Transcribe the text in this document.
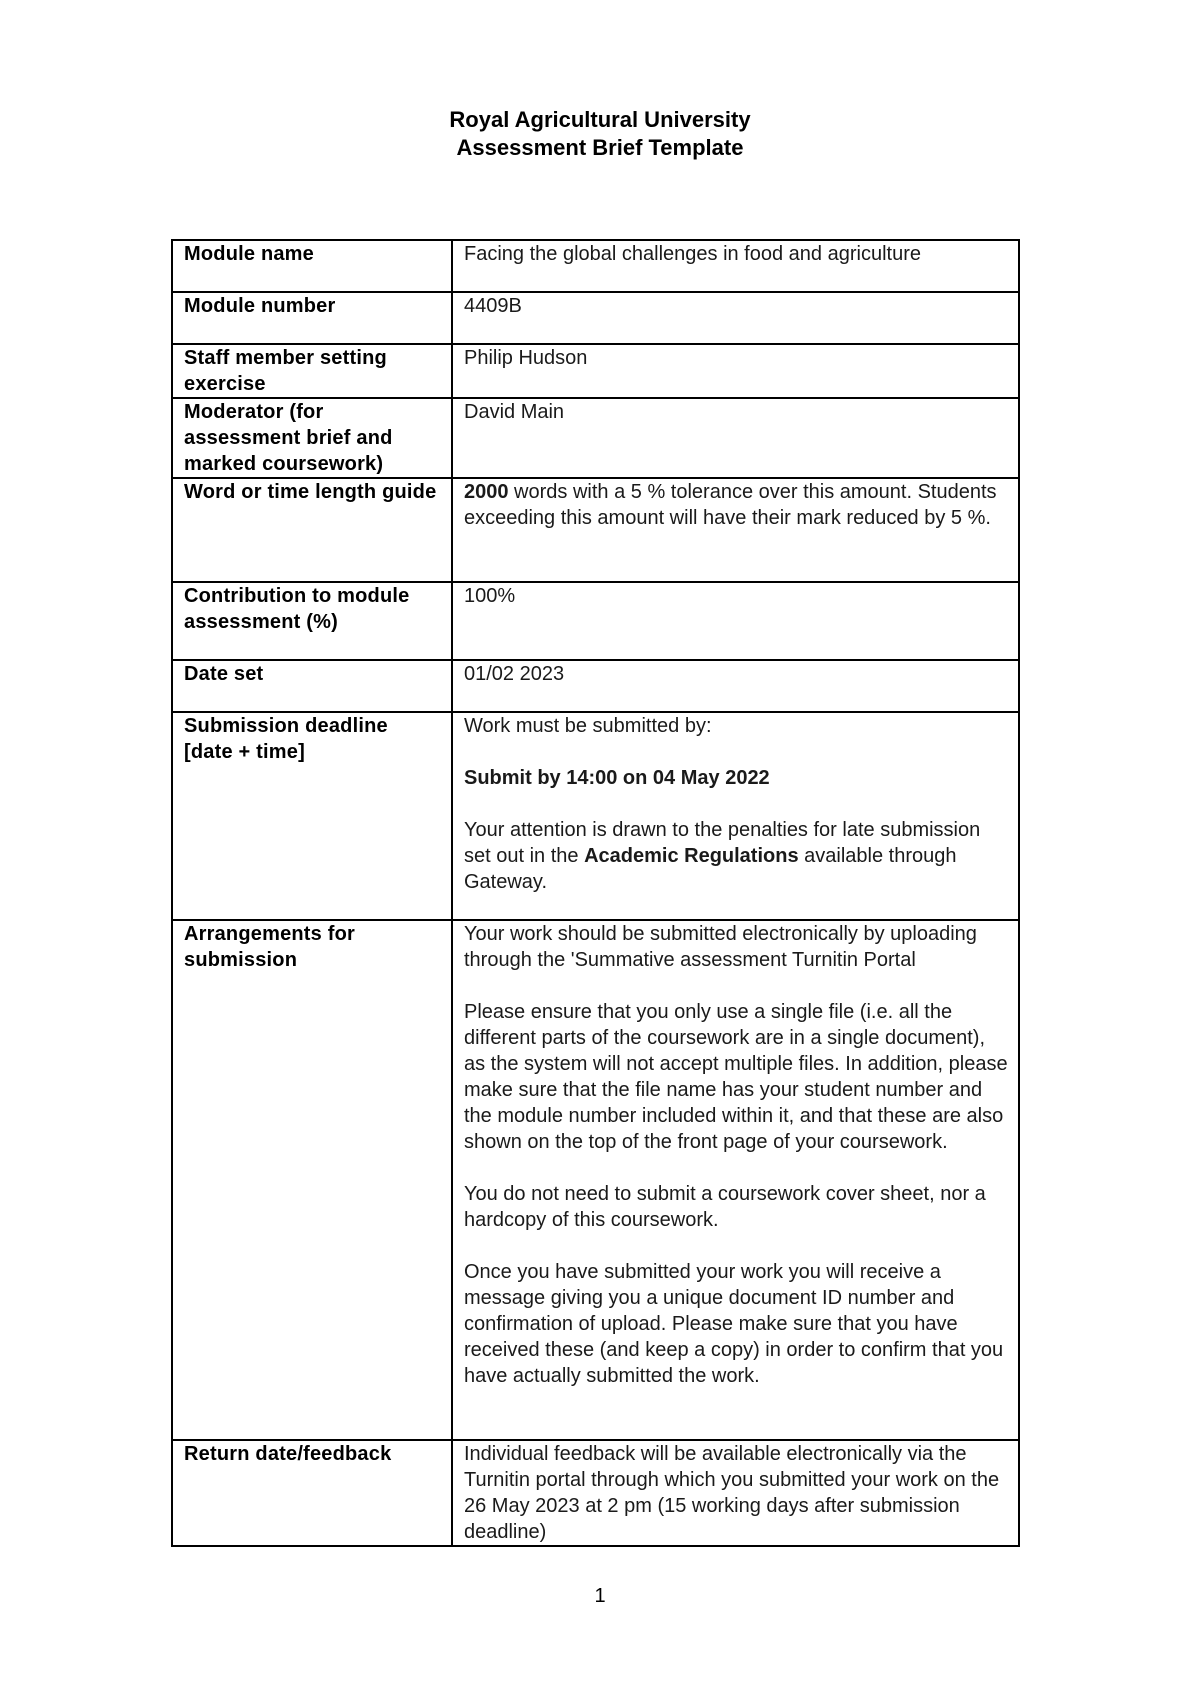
Royal Agricultural University
Assessment Brief Template
Module name	Facing the global challenges in food and agriculture
Module number	4409B
Staff member setting exercise	Philip Hudson
Moderator (for assessment brief and marked coursework)	David Main
Word or time length guide	2000 words with a 5 % tolerance over this amount. Students exceeding this amount will have their mark reduced by 5 %.
Contribution to module assessment (%)	100%
Date set	01/02 2023
Submission deadline [date + time]	Work must be submitted by:
Submit by 14:00 on 04 May 2022
Your attention is drawn to the penalties for late submission set out in the Academic Regulations available through Gateway.

Arrangements for submission	Your work should be submitted electronically by uploading through the 'Summative assessment Turnitin Portal
Please ensure that you only use a single file (i.e. all the different parts of the coursework are in a single document), as the system will not accept multiple files. In addition, please make sure that the file name has your student number and the module number included within it, and that these are also shown on the top of the front page of your coursework.
You do not need to submit a coursework cover sheet, nor a hardcopy of this coursework.
Once you have submitted your work you will receive a message giving you a unique document ID number and confirmation of upload. Please make sure that you have received these (and keep a copy) in order to confirm that you have actually submitted the work.

Return date/feedback	Individual feedback will be available electronically via the Turnitin portal through which you submitted your work on the 26 May 2023 at 2 pm (15 working days after submission deadline)
1
